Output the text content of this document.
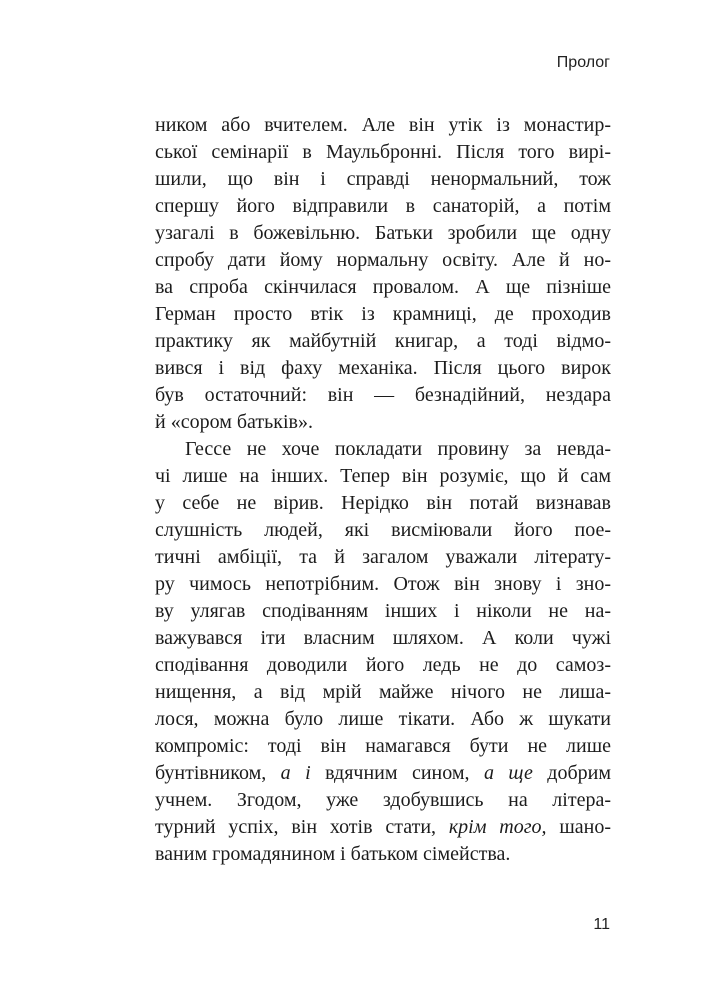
Пролог
ником або вчителем. Але він утік із монастир-
ської семінарії в Маульбронні. Після того вирі-
шили, що він і справді ненормальний, тож
спершу його відправили в санаторій, а потім
узагалі в божевільню. Батьки зробили ще одну
спробу дати йому нормальну освіту. Але й но-
ва спроба скінчилася провалом. А ще пізніше
Герман просто втік із крамниці, де проходив
практику як майбутній книгар, а тоді відмо-
вився і від фаху механіка. Після цього вирок
був остаточний: він — безнадійний, нездара
й «сором батьків».
Гессе не хоче покладати провину за невда-
чі лише на інших. Тепер він розуміє, що й сам
у себе не вірив. Нерідко він потай визнавав
слушність людей, які висміювали його пое-
тичні амбіції, та й загалом уважали літерату-
ру чимось непотрібним. Отож він знову і зно-
ву улягав сподіванням інших і ніколи не на-
важувався іти власним шляхом. А коли чужі
сподівання доводили його ледь не до самоз-
нищення, а від мрій майже нічого не лиша-
лося, можна було лише тікати. Або ж шукати
компроміс: тоді він намагався бути не лише
бунтівником, а і вдячним сином, а ще добрим
учнем. Згодом, уже здобувшись на літера-
турний успіх, він хотів стати, крім того, шано-
ваним громадянином і батьком сімейства.
11
